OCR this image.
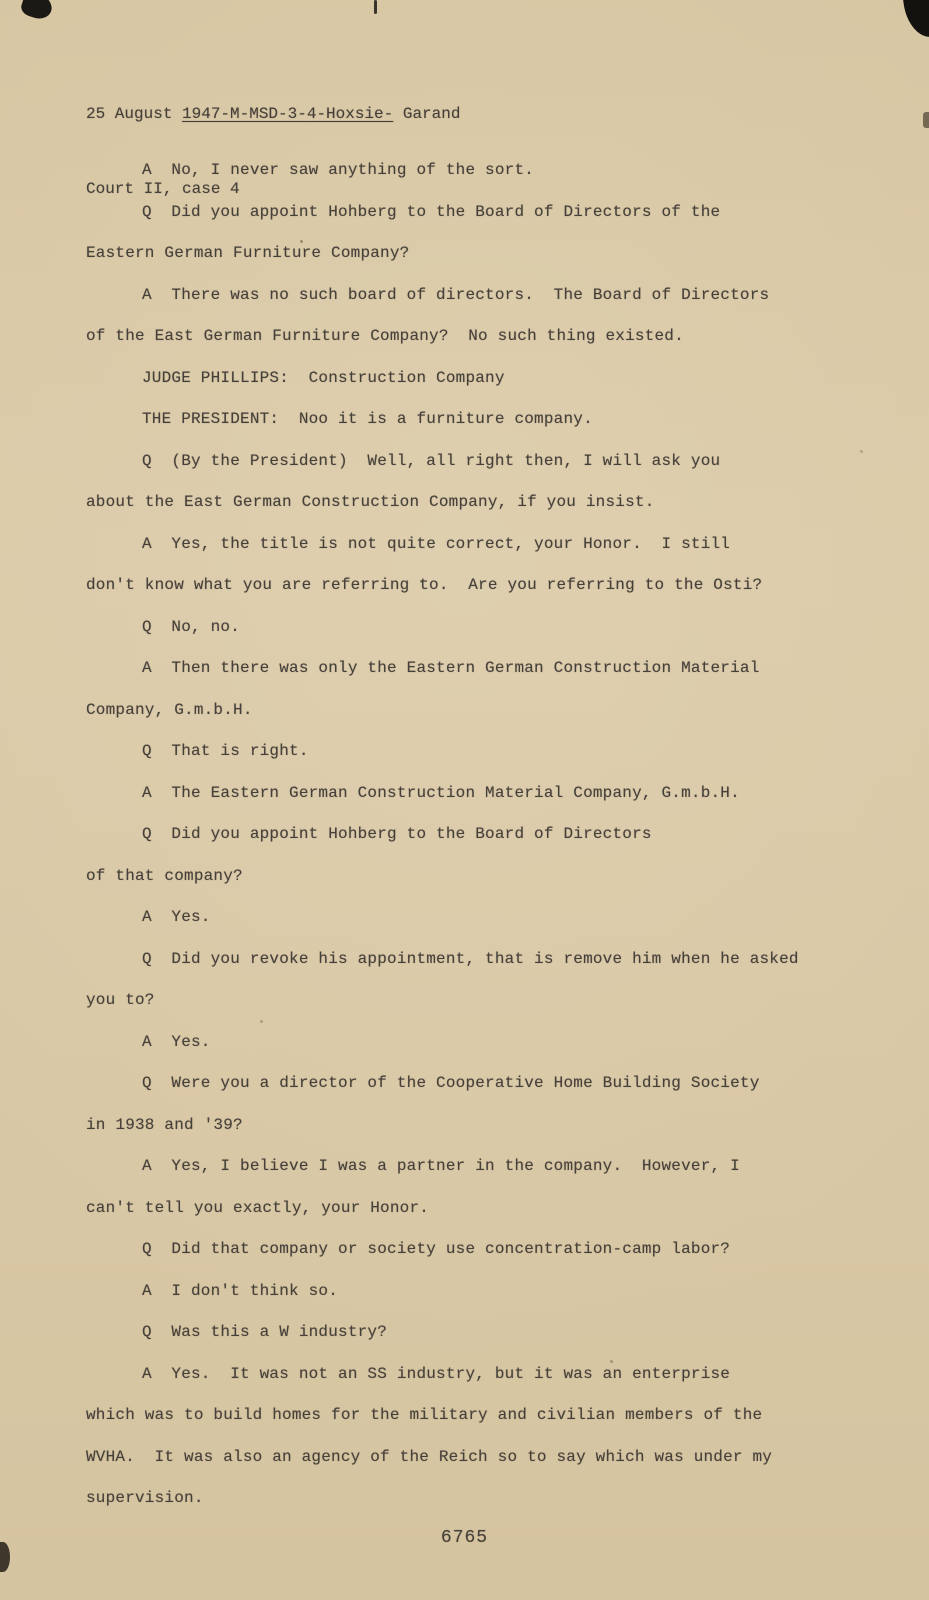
25 August 1947-M-MSD-3-4-Hoxsie- Garand

Court II, case 4

A  No, I never saw anything of the sort.
Q  Did you appoint Hohberg to the Board of Directors of the
Eastern German Furniture Company?
A  There was no such board of directors.  The Board of Directors
of the East German Furniture Company?  No such thing existed.
JUDGE PHILLIPS:  Construction Company
THE PRESIDENT:  Noo it is a furniture company.
Q  (By the President)  Well, all right then, I will ask you
about the East German Construction Company, if you insist.
A  Yes, the title is not quite correct, your Honor.  I still
don't know what you are referring to.  Are you referring to the Osti?
Q  No, no.
A  Then there was only the Eastern German Construction Material
Company, G.m.b.H.
Q  That is right.
A  The Eastern German Construction Material Company, G.m.b.H.
Q  Did you appoint Hohberg to the Board of Directors
of that company?
A  Yes.
Q  Did you revoke his appointment, that is remove him when he asked
you to?
A  Yes.
Q  Were you a director of the Cooperative Home Building Society
in 1938 and '39?
A  Yes, I believe I was a partner in the company.  However, I
can't tell you exactly, your Honor.
Q  Did that company or society use concentration-camp labor?
A  I don't think so.
Q  Was this a W industry?
A  Yes.  It was not an SS industry, but it was an enterprise
which was to build homes for the military and civilian members of the
WVHA.  It was also an agency of the Reich so to say which was under my
supervision.
6765
